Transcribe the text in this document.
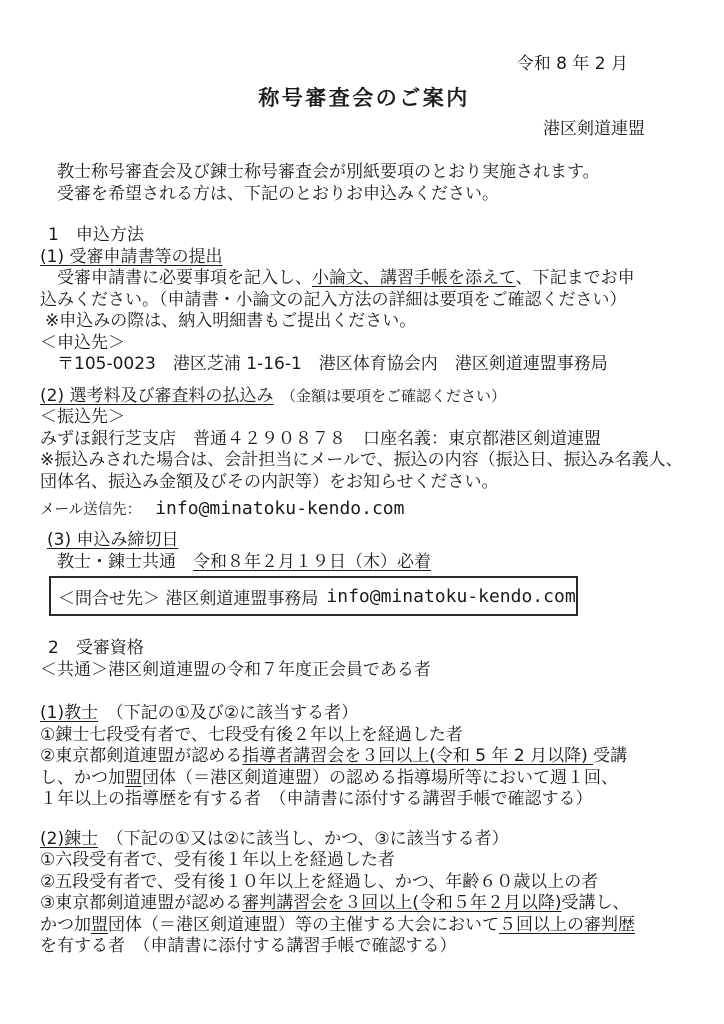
令和 8 年 2 月
称号審査会のご案内
港区剣道連盟
　教士称号審査会及び錬士称号審査会が別紙要項のとおり実施されます。
　受審を希望される方は、下記のとおりお申込みください。
1　申込方法
(1) 受審申請書等の提出
　受審申請書に必要事項を記入し、小論文、講習手帳を添えて、下記までお申
込みください。（申請書・小論文の記入方法の詳細は要項をご確認ください）
※申込みの際は、納入明細書もご提出ください。
＜申込先＞
　〒105-0023　港区芝浦 1-16-1　港区体育協会内　港区剣道連盟事務局
(2) 選考料及び審査料の払込み　（金額は要項をご確認ください）
＜振込先＞
みずほ銀行芝支店　普通４２９０８７８　口座名義：東京都港区剣道連盟
※振込みされた場合は、会計担当にメールで、振込の内容（振込日、振込み名義人、
団体名、振込み金額及びその内訳等）をお知らせください。
メール送信先： info@minatoku-kendo.com
(3) 申込み締切日
　教士・錬士共通　令和８年２月１９日（木）必着
＜問合せ先＞ 港区剣道連盟事務局 info@minatoku-kendo.com
2　受審資格
＜共通＞港区剣道連盟の令和７年度正会員である者
(1)教士　（下記の①及び②に該当する者）
①錬士七段受有者で、七段受有後２年以上を経過した者
②東京都剣道連盟が認める指導者講習会を３回以上(令和 5 年 2 月以降) 受講
し、かつ加盟団体（＝港区剣道連盟）の認める指導場所等において週１回、
１年以上の指導歴を有する者　（申請書に添付する講習手帳で確認する）
(2)錬士　（下記の①又は②に該当し、かつ、③に該当する者）
①六段受有者で、受有後１年以上を経過した者
②五段受有者で、受有後１０年以上を経過し、かつ、年齢６０歳以上の者
③東京都剣道連盟が認める審判講習会を３回以上(令和５年２月以降)受講し、
かつ加盟団体（＝港区剣道連盟）等の主催する大会において５回以上の審判歴
を有する者　（申請書に添付する講習手帳で確認する）
